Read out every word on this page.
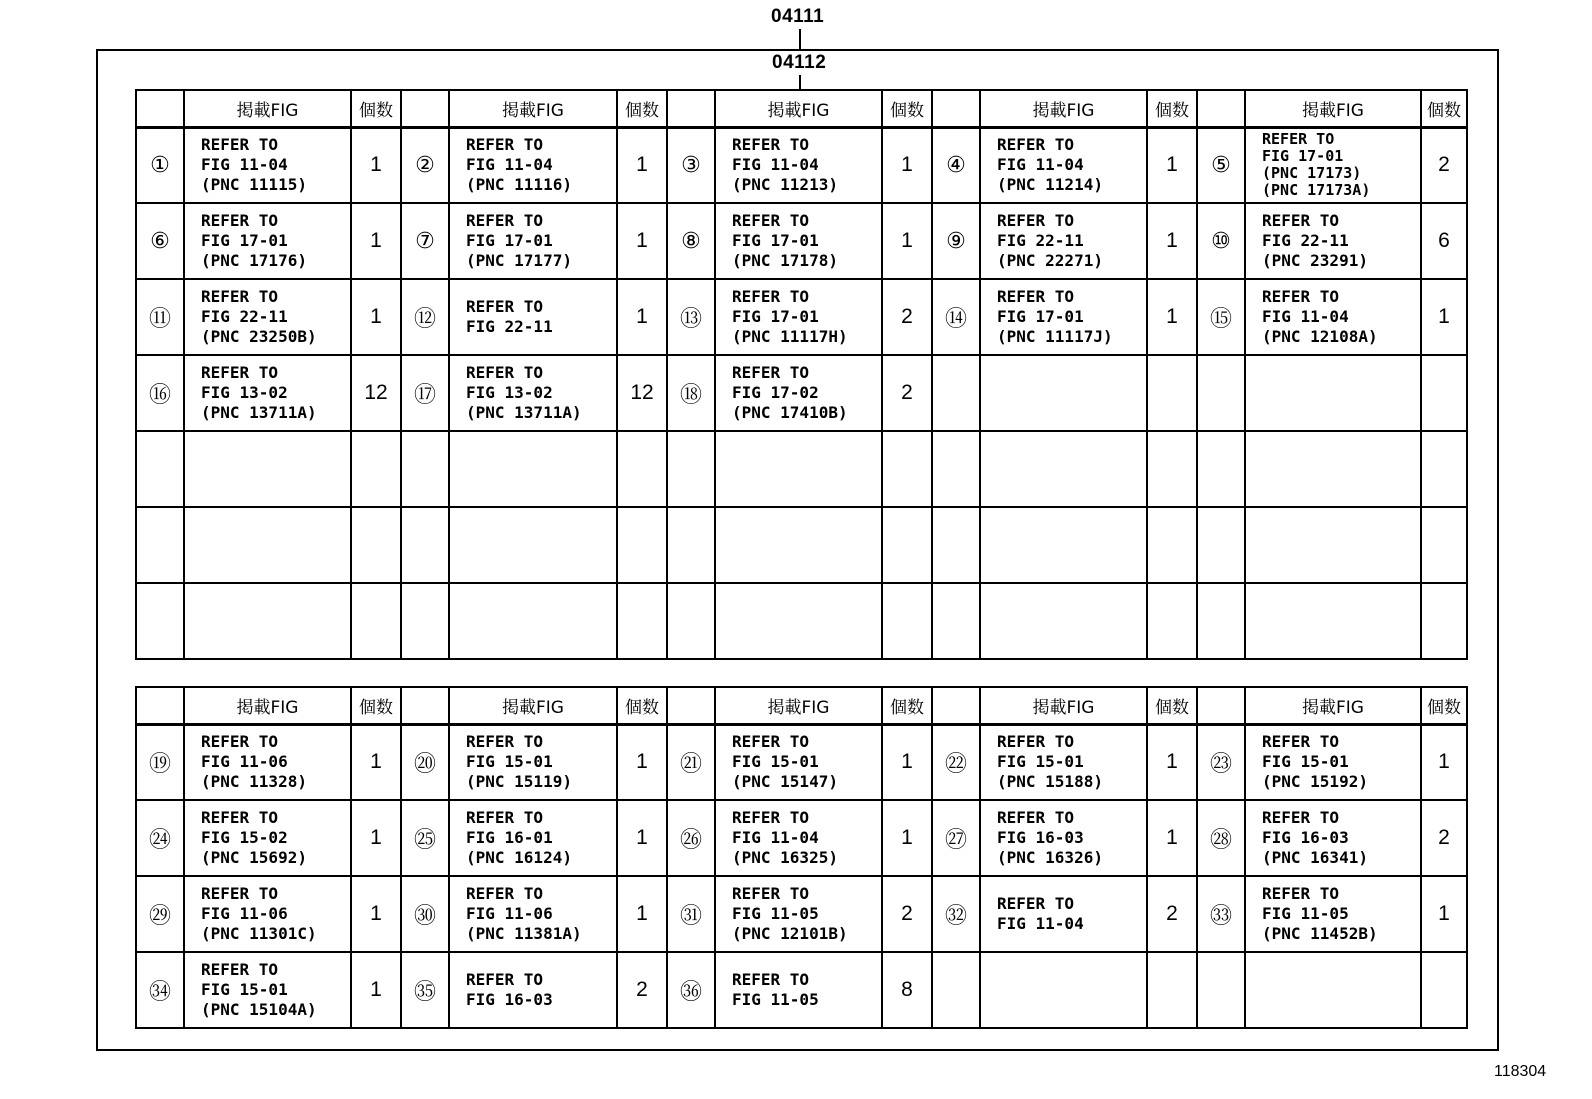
04111
04112
	掲載FIG	個数		掲載FIG	個数		掲載FIG	個数		掲載FIG	個数		掲載FIG	個数
①	REFER TO
FIG 11-04
(PNC 11115)	1	②	REFER TO
FIG 11-04
(PNC 11116)	1	③	REFER TO
FIG 11-04
(PNC 11213)	1	④	REFER TO
FIG 11-04
(PNC 11214)	1	⑤	REFER TO
FIG 17-01
(PNC 17173)
(PNC 17173A)	2
⑥	REFER TO
FIG 17-01
(PNC 17176)	1	⑦	REFER TO
FIG 17-01
(PNC 17177)	1	⑧	REFER TO
FIG 17-01
(PNC 17178)	1	⑨	REFER TO
FIG 22-11
(PNC 22271)	1	⑩	REFER TO
FIG 22-11
(PNC 23291)	6
⑪	REFER TO
FIG 22-11
(PNC 23250B)	1	⑫	REFER TO
FIG 22-11	1	⑬	REFER TO
FIG 17-01
(PNC 11117H)	2	⑭	REFER TO
FIG 17-01
(PNC 11117J)	1	⑮	REFER TO
FIG 11-04
(PNC 12108A)	1
⑯	REFER TO
FIG 13-02
(PNC 13711A)	12	⑰	REFER TO
FIG 13-02
(PNC 13711A)	12	⑱	REFER TO
FIG 17-02
(PNC 17410B)	2						

	掲載FIG	個数		掲載FIG	個数		掲載FIG	個数		掲載FIG	個数		掲載FIG	個数
⑲	REFER TO
FIG 11-06
(PNC 11328)	1	⑳	REFER TO
FIG 15-01
(PNC 15119)	1	㉑	REFER TO
FIG 15-01
(PNC 15147)	1	㉒	REFER TO
FIG 15-01
(PNC 15188)	1	㉓	REFER TO
FIG 15-01
(PNC 15192)	1
㉔	REFER TO
FIG 15-02
(PNC 15692)	1	㉕	REFER TO
FIG 16-01
(PNC 16124)	1	㉖	REFER TO
FIG 11-04
(PNC 16325)	1	㉗	REFER TO
FIG 16-03
(PNC 16326)	1	㉘	REFER TO
FIG 16-03
(PNC 16341)	2
㉙	REFER TO
FIG 11-06
(PNC 11301C)	1	㉚	REFER TO
FIG 11-06
(PNC 11381A)	1	㉛	REFER TO
FIG 11-05
(PNC 12101B)	2	㉜	REFER TO
FIG 11-04	2	㉝	REFER TO
FIG 11-05
(PNC 11452B)	1
㉞	REFER TO
FIG 15-01
(PNC 15104A)	1	㉟	REFER TO
FIG 16-03	2	㊱	REFER TO
FIG 11-05	8						
118304
